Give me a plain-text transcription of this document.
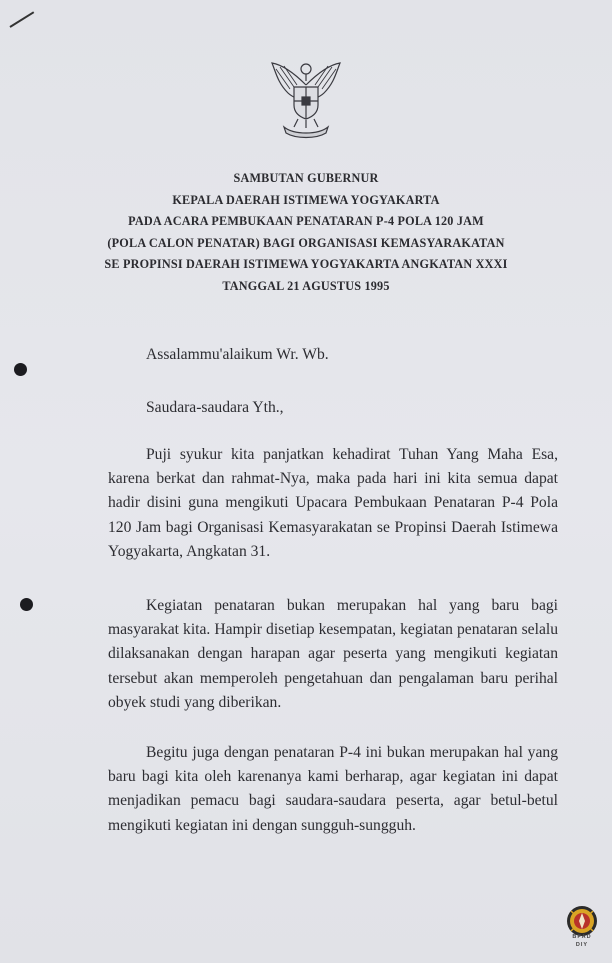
SAMBUTAN GUBERNUR
KEPALA DAERAH ISTIMEWA YOGYAKARTA
PADA ACARA PEMBUKAAN PENATARAN P-4 POLA 120 JAM
(POLA CALON PENATAR) BAGI ORGANISASI KEMASYARAKATAN
SE PROPINSI DAERAH ISTIMEWA YOGYAKARTA ANGKATAN XXXI
TANGGAL 21 AGUSTUS 1995
Assalammu'alaikum Wr. Wb.
Saudara-saudara Yth.,
Puji syukur kita panjatkan kehadirat Tuhan Yang Maha Esa, karena berkat dan rahmat-Nya, maka pada hari ini kita semua dapat hadir disini guna mengikuti Upacara Pembukaan Penataran P-4 Pola 120 Jam bagi Organisasi Kemasyarakatan se Propinsi Daerah Istimewa Yogyakarta, Angkatan 31.
Kegiatan penataran bukan merupakan hal yang baru bagi masyarakat kita. Hampir disetiap kesempatan, kegiatan penataran selalu dilaksanakan dengan harapan agar peserta yang mengikuti kegiatan tersebut akan memperoleh pengetahuan dan pengalaman baru perihal obyek studi yang diberikan.
Begitu juga dengan penataran P-4 ini bukan merupakan hal yang baru bagi kita oleh karenanya kami berharap, agar kegiatan ini dapat menjadikan pemacu bagi saudara-saudara peserta, agar betul-betul mengikuti kegiatan ini dengan sungguh-sungguh.
BPAD
DIY
